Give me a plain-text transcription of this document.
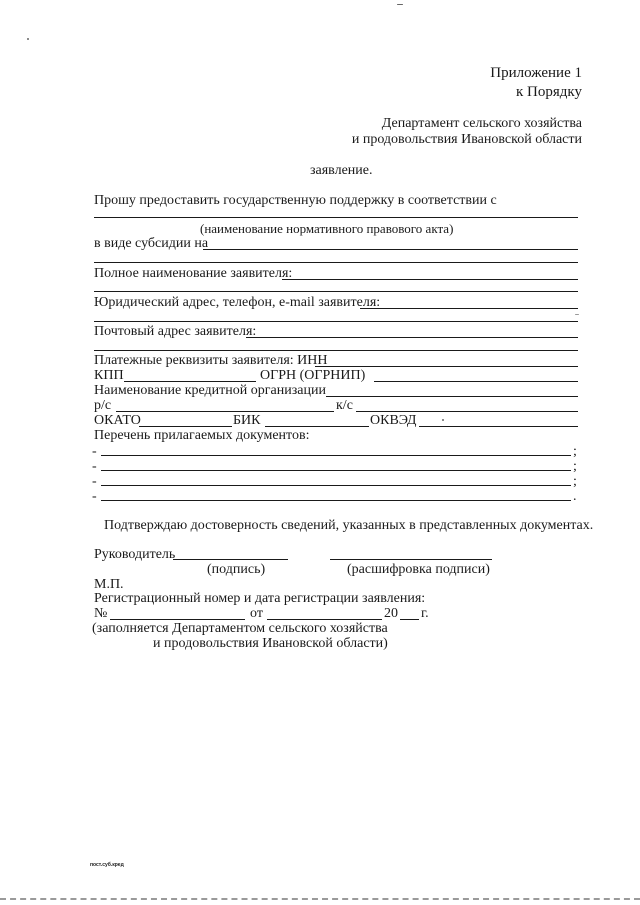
Приложение 1
к Порядку
Департамент сельского хозяйства
и продовольствия Ивановской области
заявление.
Прошу предоставить государственную поддержку в соответствии с
(наименование нормативного правового акта)
в виде субсидии на
Полное наименование заявителя:
Юридический адрес, телефон, e-mail заявителя:
Почтовый адрес заявителя:
Платежные реквизиты заявителя: ИНН
КПП	ОГРН (ОГРНИП)
Наименование кредитной организации
р/с	к/с
ОКАТО	БИК	ОКВЭД
Перечень прилагаемых документов:
-	;
-	;
-	;
-	.
Подтверждаю достоверность сведений, указанных в представленных документах.
Руководитель
(подпись)	(расшифровка подписи)
М.П.
Регистрационный номер и дата регистрации заявления:
№	от	20 г.
(заполняется Департаментом сельского хозяйства
и продовольствия Ивановской области)
пост.суб.кред
